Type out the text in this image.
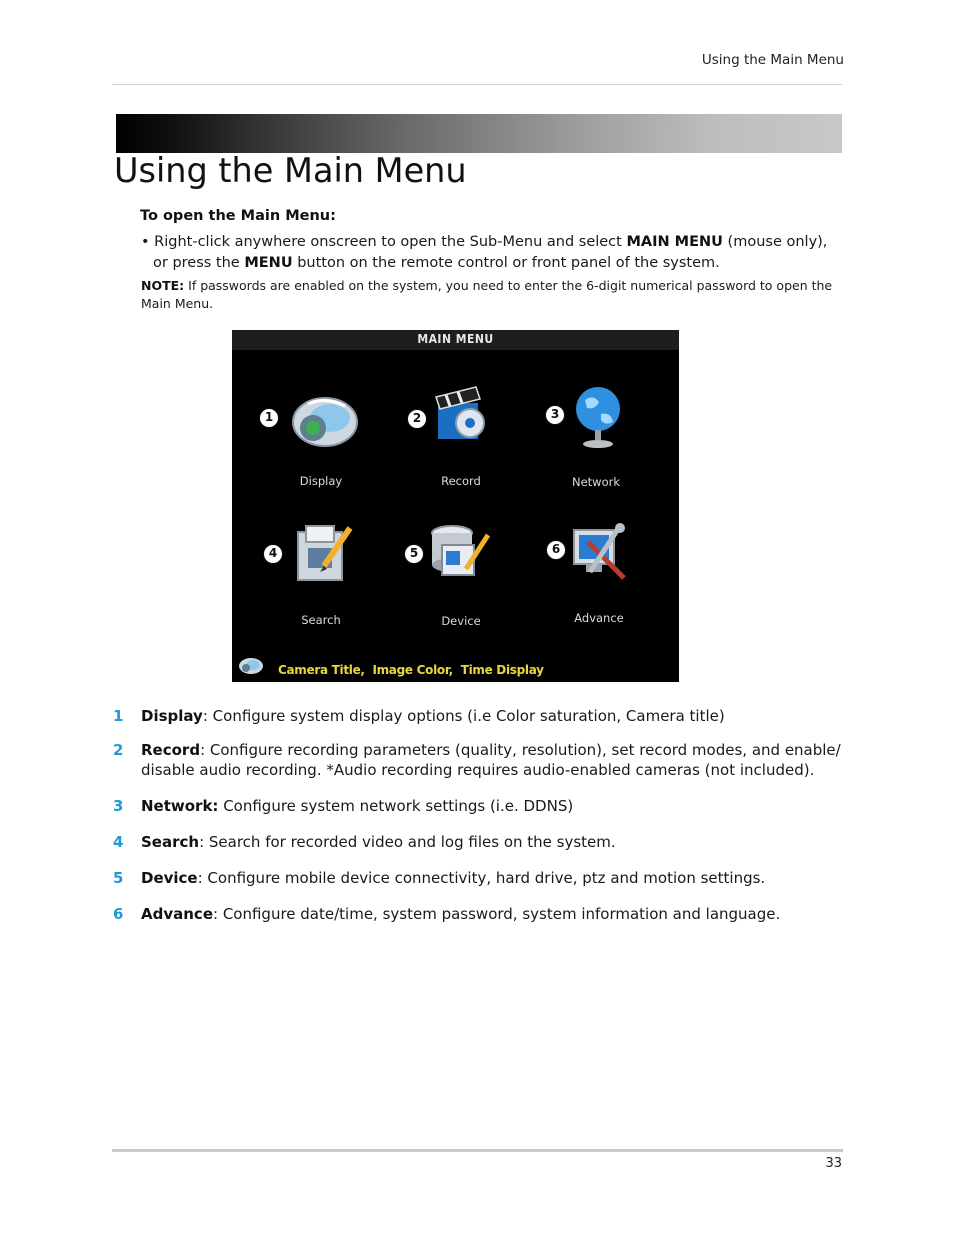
Using the Main Menu
Using the Main Menu
To open the Main Menu:
• Right-click anywhere onscreen to open the Sub-Menu and select MAIN MENU (mouse only),
or press the MENU button on the remote control or front panel of the system.
NOTE: If passwords are enabled on the system, you need to enter the 6-digit numerical password to open the Main Menu.
MAIN MENU
1
Display
2
Record
3
Network
4
Search
5
Device
6
Advance
Camera Title,  Image Color,  Time Display
1 Display: Configure system display options (i.e Color saturation, Camera title)
2 Record: Configure recording parameters (quality, resolution), set record modes, and enable/ disable audio recording. *Audio recording requires audio-enabled cameras (not included).
3 Network: Configure system network settings (i.e. DDNS)
4 Search: Search for recorded video and log files on the system.
5 Device: Configure mobile device connectivity, hard drive, ptz and motion settings.
6 Advance: Configure date/time, system password, system information and language.
33
